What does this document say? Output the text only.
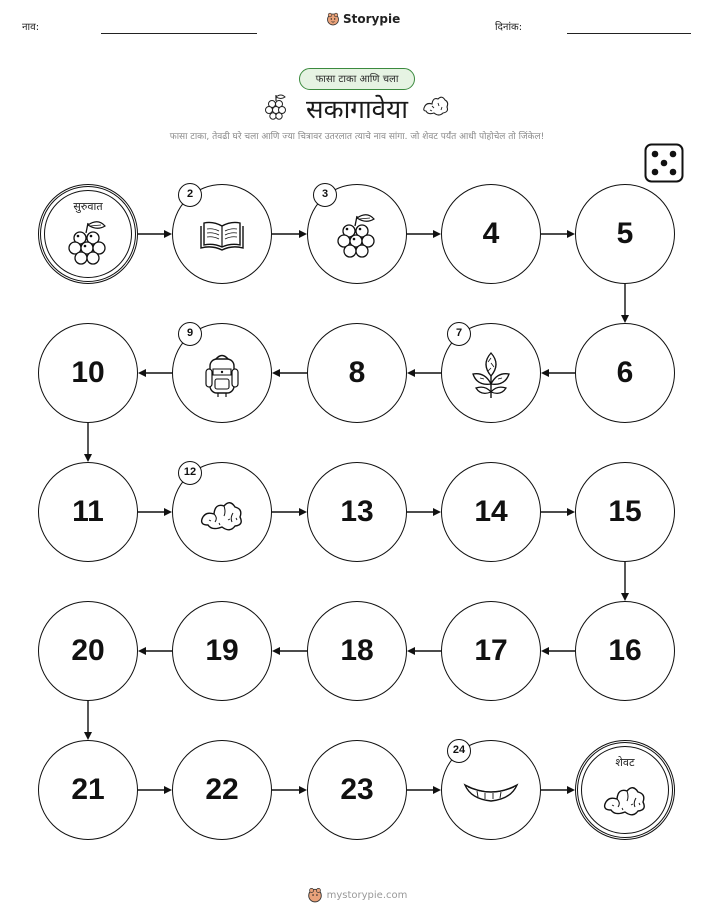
नाव:
Storypie
दिनांक:
फासा टाका आणि चला
सकागावेया
फासा टाका, तेवढी घरे चला आणि ज्या चित्रावर उतरलात त्याचे नाव सांगा. जो शेवट पर्यंत आधी पोहोचेल तो जिंकेल!
सुरुवात
2	3
4	5
6
7
8
9
10
11
12
13	14	15
16
17
18
19
20
21	22	23
24
शेवट
mystorypie.com
